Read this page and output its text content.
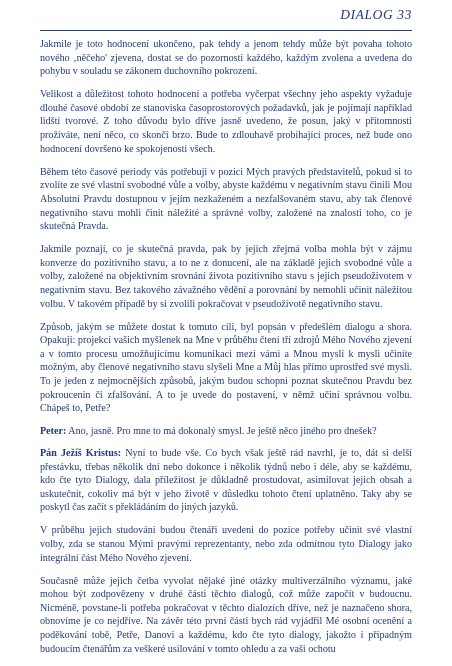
DIALOG 33

Jakmile je toto hodnocení ukončeno, pak tehdy a jenom tehdy může být povaha tohoto nového ‚něčeho' zjevena, dostat se do pozornosti každého, každým zvolena a uvedena do pohybu v souladu se zákonem duchovního pokrození.

Velikost a důležitost tohoto hodnocení a potřeba vyčerpat všechny jeho aspekty vyžaduje dlouhé časové období ze stanoviska časoprostorových požadavků, jak je pojímají například lidští tvorové. Z toho důvodu bylo dříve jasně uvedeno, že posun, jaký v přítomnosti prožíváte, není něco, co skončí brzo. Bude to zdlouhavě probíhající proces, než bude ono hodnocení dovršeno ke spokojenosti všech.

Během této časové periody vás potřebuji v pozici Mých pravých představitelů, pokud si to zvolíte ze své vlastní svobodné vůle a volby, abyste každému v negativním stavu činili Mou Absolutní Pravdu dostupnou v jejím nezkaženém a nezfalšovaném stavu, aby tak členové negativního stavu mohli činit náležité a správné volby, založené na znalosti toho, co je skutečná Pravda.

Jakmile poznají, co je skutečná pravda, pak by jejich zřejmá volba mohla být v zájmu konverze do pozitivního stavu, a to ne z donucení, ale na základě jejich svobodné vůle a volby, založené na objektivním srovnání života pozitivního stavu s jejich pseudoživotem v negativním stavu. Bez takového závažného vědění a porovnání by nemohli učinit náležitou volbu. V takovém případě by si zvolili pokračovat v pseudoživotě negativního stavu.

Způsob, jakým se můžete dostat k tomuto cíli, byl popsán v předešlém dialogu a shora. Opakuji: projekcí vašich myšlenek na Mne v průběhu čtení tří zdrojů Mého Nového zjevení a v tomto procesu umožňujícímu komunikaci mezi vámi a Mnou myslí k mysli učiníte možným, aby členové negativního stavu slyšeli Mne a Můj hlas přímo uprostřed své mysli. To je jeden z nejmocnějších způsobů, jakým budou schopni poznat skutečnou Pravdu bez pokroucenin či zfalšování. A to je uvede do postavení, v němž učiní správnou volbu. Chápeš to, Petře?

Peter: Ano, jasně. Pro mne to má dokonalý smysl. Je ještě něco jiného pro dnešek?

Pán Ježíš Kristus: Nyní to bude vše. Co bych však ještě rád navrhl, je to, dát si delší přestávku, třebas několik dní nebo dokonce i několik týdnů nebo i déle, aby se každému, kdo čte tyto Dialogy, dala příležitost je důkladně prostudovat, asimilovat jejich obsah a uskutečnit, cokoliv má být v jeho životě v důsledku tohoto čtení uplatněno. Taky aby se poskytl čas začít s překládáním do jiných jazyků.

V průběhu jejich studování budou čtenáři uvedeni do pozice potřeby učinit své vlastní volby, zda se stanou Mými pravými reprezentanty, nebo zda odmítnou tyto Dialogy jako integrální část Mého Nového zjevení.

Současně může jejich četba vyvolat nějaké jiné otázky multiverzálního významu, jaké mohou být zodpovězeny v druhé části těchto dialogů, což může započít v budoucnu. Nicméně, povstane-li potřeba pokračovat v těchto dialozích dříve, než je naznačeno shora, obnovíme je co nejdříve. Na závěr této první části bych rád vyjádřil Mé osobní ocenění a poděkování tobě, Petře, Danovi a každému, kdo čte tyto dialogy, jakožto i případným budoucím čtenářům za veškeré usilování v tomto ohledu a za vaši ochotu
